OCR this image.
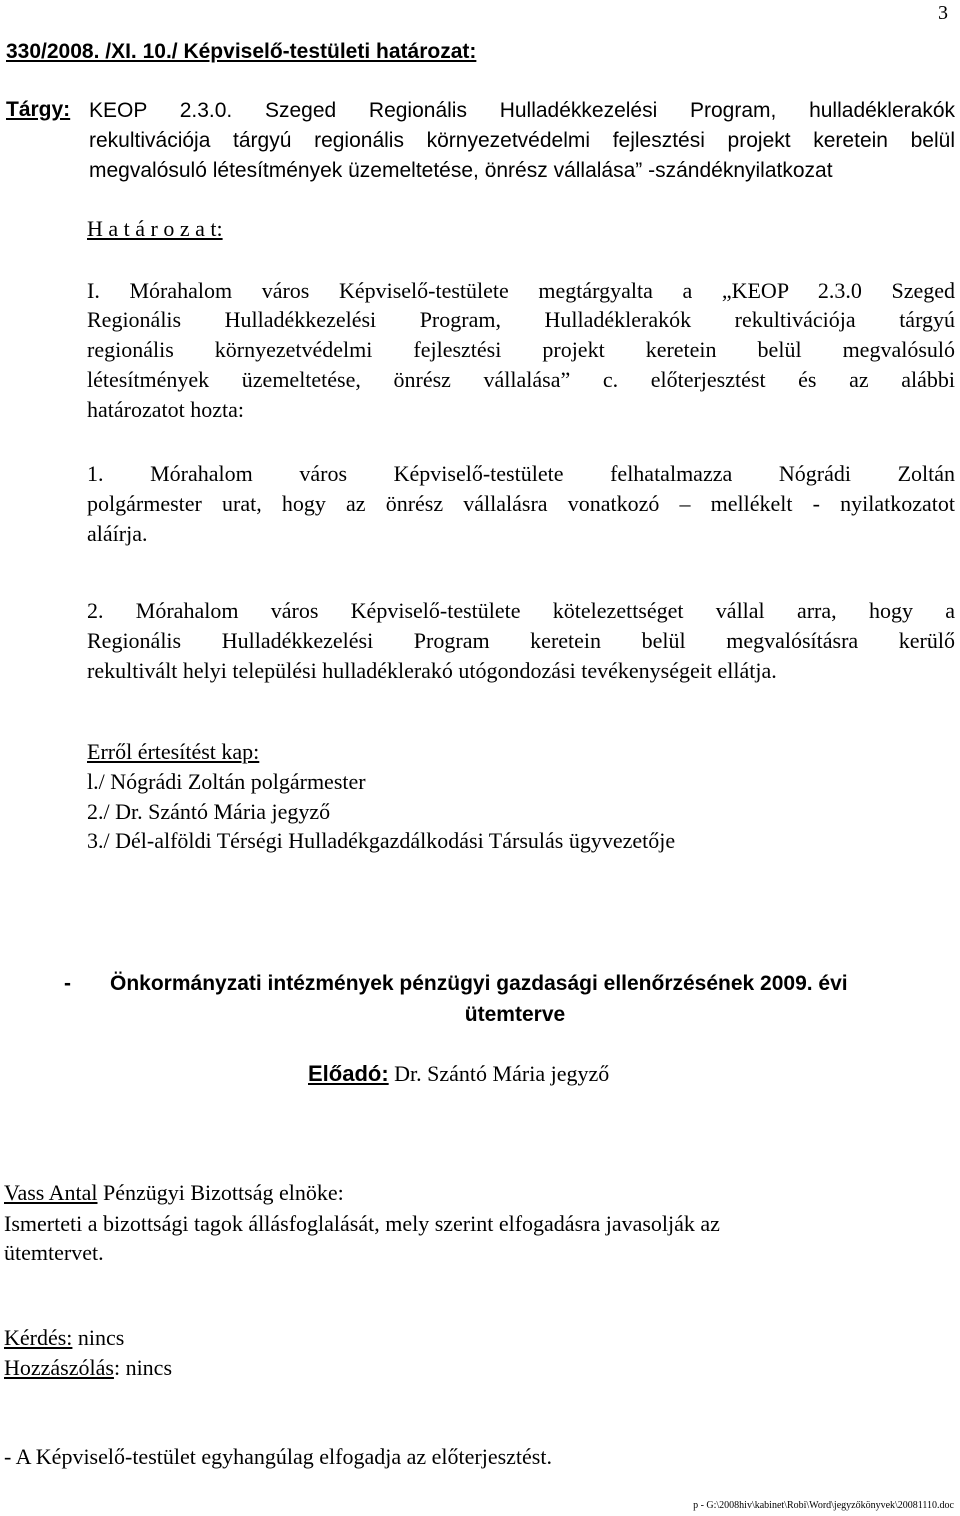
3
330/2008. /XI. 10./ Képviselő-testületi határozat:
Tárgy: KEOP 2.3.0. Szeged Regionális Hulladékkezelési Program, hulladéklerakók
rekultivációja tárgyú regionális környezetvédelmi fejlesztési projekt keretein belül
megvalósuló létesítmények üzemeltetése, önrész vállalása” -szándéknyilatkozat
H a t á r o z a t:
I. Mórahalom város Képviselő-testülete megtárgyalta a „KEOP 2.3.0 Szeged
Regionális Hulladékkezelési Program, Hulladéklerakók rekultivációja tárgyú
regionális környezetvédelmi fejlesztési projekt keretein belül megvalósuló
létesítmények üzemeltetése, önrész vállalása” c. előterjesztést és az alábbi
határozatot hozta:
1. Mórahalom város Képviselő-testülete felhatalmazza Nógrádi Zoltán
polgármester urat, hogy az önrész vállalásra vonatkozó – mellékelt - nyilatkozatot
aláírja.
2. Mórahalom város Képviselő-testülete kötelezettséget vállal arra, hogy a
Regionális Hulladékkezelési Program keretein belül megvalósításra kerülő
rekultivált helyi települési hulladéklerakó utógondozási tevékenységeit ellátja.
Erről értesítést kap:
l./ Nógrádi Zoltán polgármester
2./ Dr. Szántó Mária jegyző
3./ Dél-alföldi Térségi Hulladékgazdálkodási Társulás ügyvezetője
- Önkormányzati intézmények pénzügyi gazdasági ellenőrzésének 2009. évi
ütemterve
Előadó: Dr. Szántó Mária jegyző
Vass Antal Pénzügyi Bizottság elnöke:
Ismerteti a bizottsági tagok állásfoglalását, mely szerint elfogadásra javasolják az
ütemtervet.
Kérdés: nincs
Hozzászólás: nincs
- A Képviselő-testület egyhangúlag elfogadja az előterjesztést.
p - G:\2008hiv\kabinet\Robi\Word\jegyzőkönyvek\20081110.doc
